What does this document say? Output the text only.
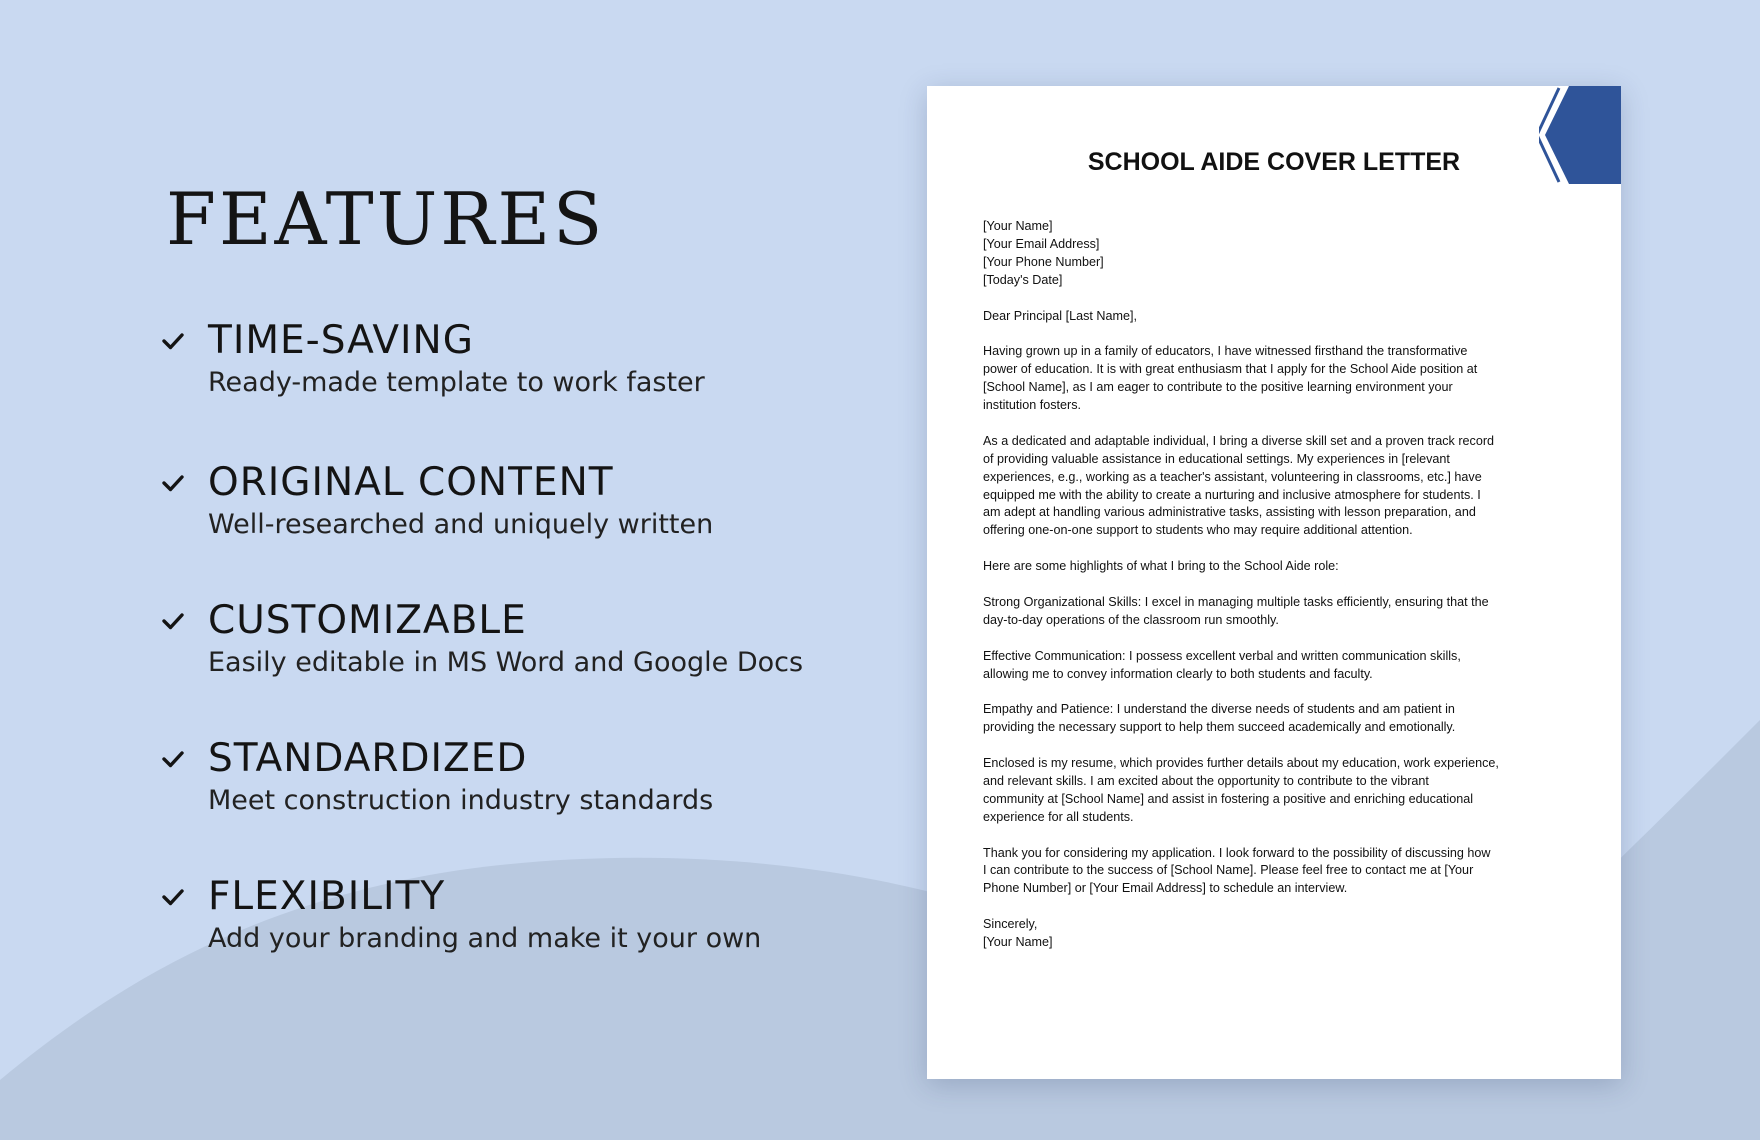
FEATURES
TIME-SAVING
Ready-made template to work faster
ORIGINAL CONTENT
Well-researched and uniquely written
CUSTOMIZABLE
Easily editable in MS Word and Google Docs
STANDARDIZED
Meet construction industry standards
FLEXIBILITY
Add your branding and make it your own
SCHOOL AIDE COVER LETTER
[Your Name]
[Your Email Address]
[Your Phone Number]
[Today's Date]
Dear Principal [Last Name],
Having grown up in a family of educators, I have witnessed firsthand the transformative
power of education. It is with great enthusiasm that I apply for the School Aide position at
[School Name], as I am eager to contribute to the positive learning environment your
institution fosters.
As a dedicated and adaptable individual, I bring a diverse skill set and a proven track record
of providing valuable assistance in educational settings. My experiences in [relevant
experiences, e.g., working as a teacher's assistant, volunteering in classrooms, etc.] have
equipped me with the ability to create a nurturing and inclusive atmosphere for students. I
am adept at handling various administrative tasks, assisting with lesson preparation, and
offering one-on-one support to students who may require additional attention.
Here are some highlights of what I bring to the School Aide role:
Strong Organizational Skills: I excel in managing multiple tasks efficiently, ensuring that the
day-to-day operations of the classroom run smoothly.
Effective Communication: I possess excellent verbal and written communication skills,
allowing me to convey information clearly to both students and faculty.
Empathy and Patience: I understand the diverse needs of students and am patient in
providing the necessary support to help them succeed academically and emotionally.
Enclosed is my resume, which provides further details about my education, work experience,
and relevant skills. I am excited about the opportunity to contribute to the vibrant
community at [School Name] and assist in fostering a positive and enriching educational
experience for all students.
Thank you for considering my application. I look forward to the possibility of discussing how
I can contribute to the success of [School Name]. Please feel free to contact me at [Your
Phone Number] or [Your Email Address] to schedule an interview.
Sincerely,
[Your Name]
